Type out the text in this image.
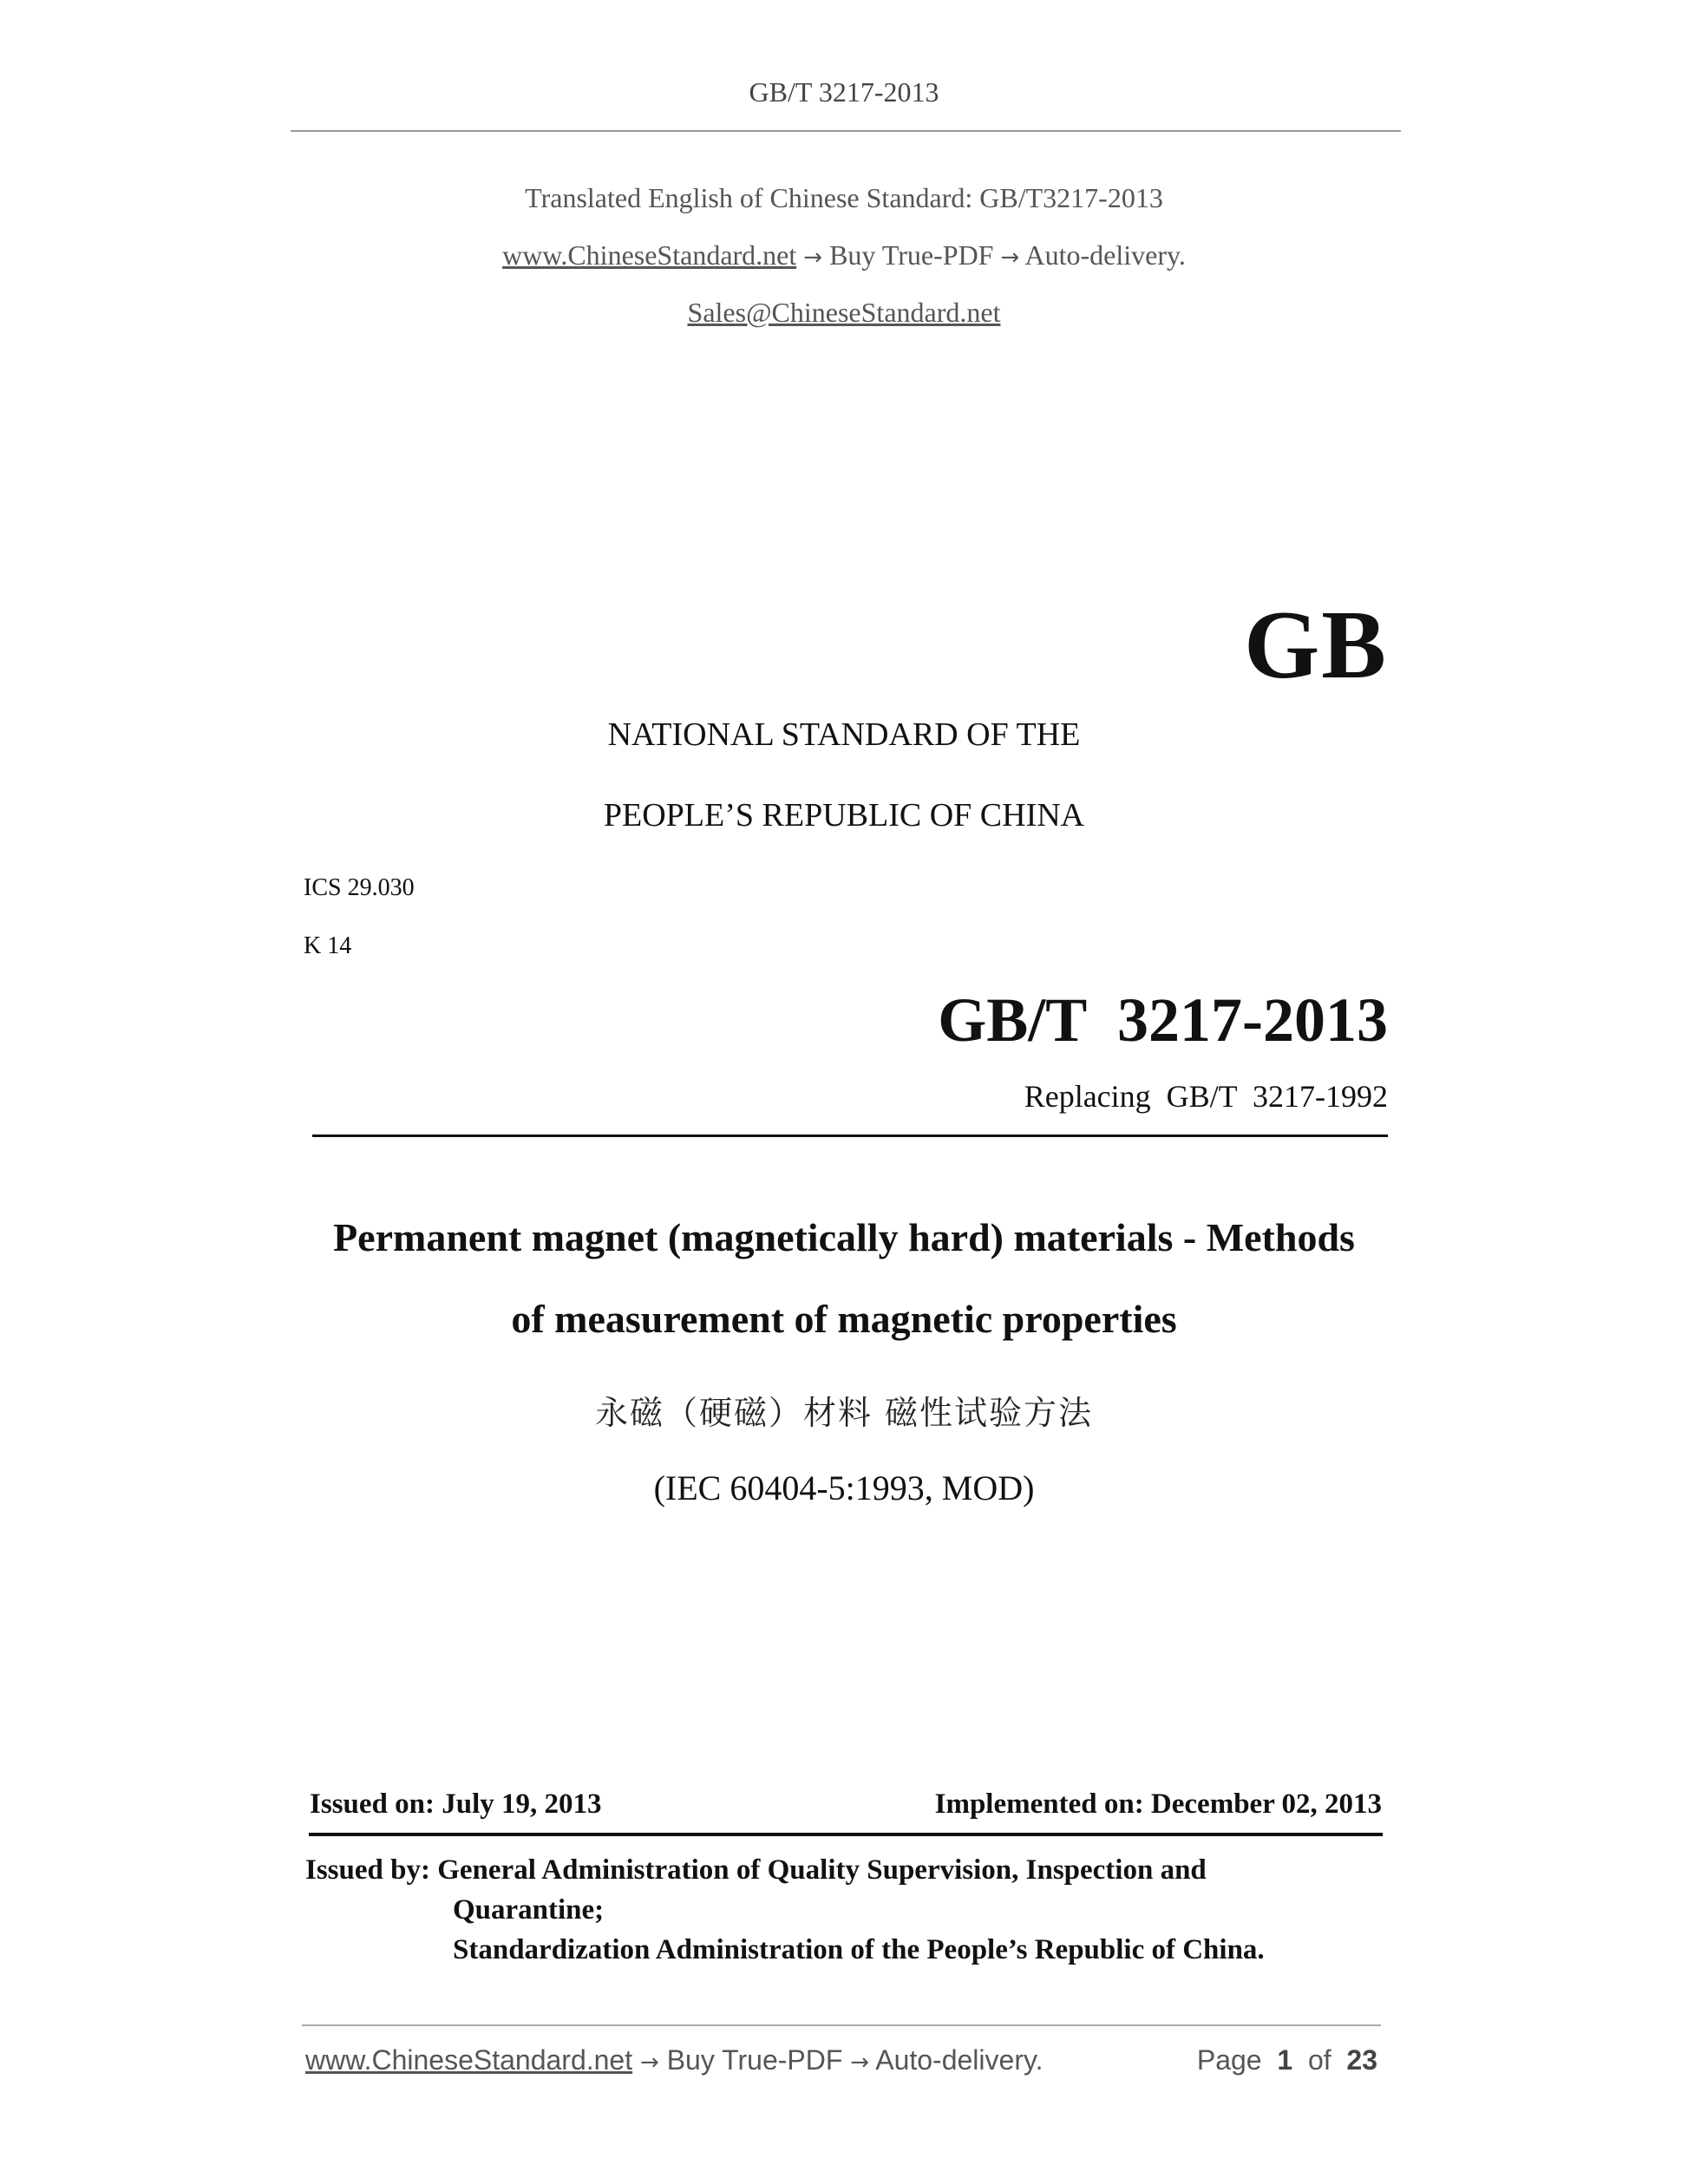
GB/T 3217-2013
Translated English of Chinese Standard: GB/T3217-2013
www.ChineseStandard.net → Buy True-PDF → Auto-delivery.
Sales@ChineseStandard.net
GB
NATIONAL STANDARD OF THE
PEOPLE’S REPUBLIC OF CHINA
ICS 29.030
K 14
GB/T  3217-2013
Replacing  GB/T  3217-1992
Permanent magnet (magnetically hard) materials - Methods
of measurement of magnetic properties
永磁（硬磁）材料 磁性试验方法
(IEC 60404-5:1993, MOD)
Issued on: July 19, 2013	Implemented on: December 02, 2013
Issued by: General Administration of Quality Supervision, Inspection and
Quarantine;
Standardization Administration of the People’s Republic of China.
www.ChineseStandard.net → Buy True-PDF → Auto-delivery.	Page 1 of 23
